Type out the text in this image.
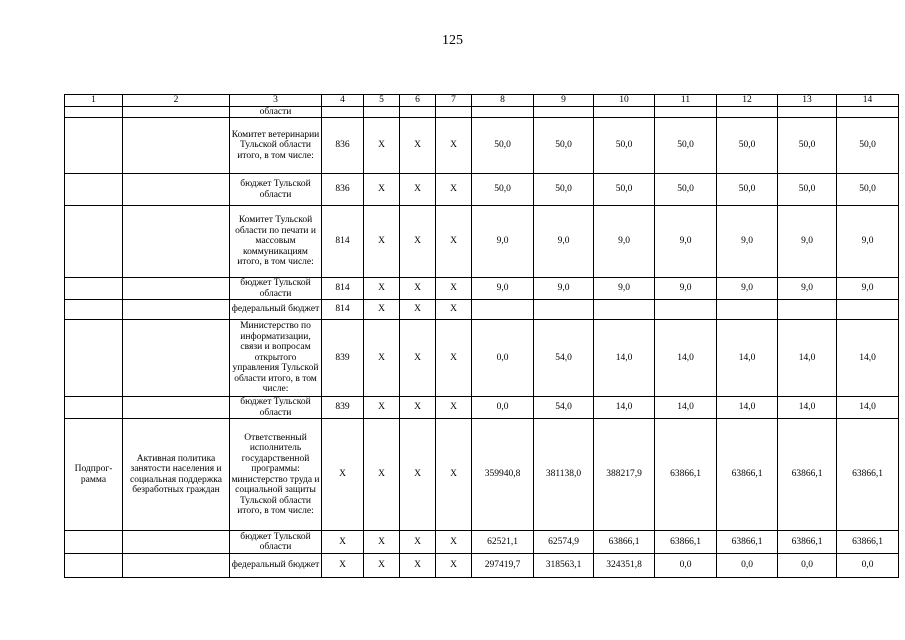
125
1	2	3	4	5	6	7	8	9	10	11	12	13	14
		области											
		Комитет ветеринарии Тульской области итого, в том числе:	836	X	X	X	50,0	50,0	50,0	50,0	50,0	50,0	50,0
		бюджет Тульской области	836	X	X	X	50,0	50,0	50,0	50,0	50,0	50,0	50,0
		Комитет Тульской области по печати и массовым коммуникациям итого, в том числе:	814	X	X	X	9,0	9,0	9,0	9,0	9,0	9,0	9,0
		бюджет Тульской области	814	X	X	X	9,0	9,0	9,0	9,0	9,0	9,0	9,0
		федеральный бюджет	814	X	X	X							
		Министерство по информатизации, связи и вопросам открытого управления Тульской области итого, в том числе:	839	X	X	X	0,0	54,0	14,0	14,0	14,0	14,0	14,0
		бюджет Тульской области	839	X	X	X	0,0	54,0	14,0	14,0	14,0	14,0	14,0
Подпрог-рамма	Активная политика занятости населения и социальная поддержка безработных граждан	Ответственный исполнитель государственной программы: министерство труда и социальной защиты Тульской области итого, в том числе:	X	X	X	X	359940,8	381138,0	388217,9	63866,1	63866,1	63866,1	63866,1
		бюджет Тульской области	X	X	X	X	62521,1	62574,9	63866,1	63866,1	63866,1	63866,1	63866,1
		федеральный бюджет	X	X	X	X	297419,7	318563,1	324351,8	0,0	0,0	0,0	0,0
